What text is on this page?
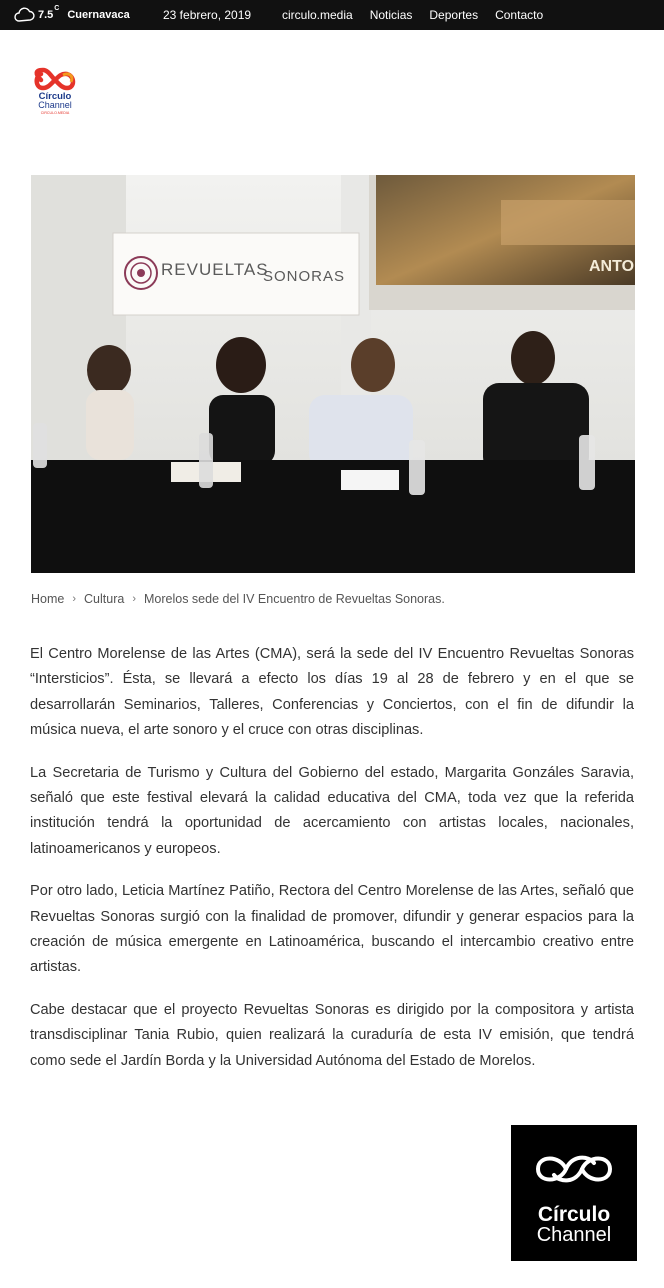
7.5
C
Cuernavaca	23 febrero, 2019	circulo.media Noticias Deportes Contacto
Círculo
Channel
CIRCULO.MEDIA
ANTO
REVUELTAS
SONORAS
Home › Cultura › Morelos sede del IV Encuentro de Revueltas Sonoras.

El Centro Morelense de las Artes (CMA), será la sede del IV Encuentro Revueltas Sonoras “Intersticios”. Ésta, se llevará a efecto los días 19 al 28 de febrero y en el que se desarrollarán Seminarios, Talleres, Conferencias y Conciertos, con el fin de difundir la música nueva, el arte sonoro y el cruce con otras disciplinas.

La Secretaria de Turismo y Cultura del Gobierno del estado, Margarita Gonzáles Saravia, señaló que este festival elevará la calidad educativa del CMA, toda vez que la referida institución tendrá la oportunidad de acercamiento con artistas locales, nacionales, latinoamericanos y europeos.

Por otro lado, Leticia Martínez Patiño, Rectora del Centro Morelense de las Artes, señaló que Revueltas Sonoras surgió con la finalidad de promover, difundir y generar espacios para la creación de música emergente en Latinoamérica, buscando el intercambio creativo entre artistas.

Cabe destacar que el proyecto Revueltas Sonoras es dirigido por la compositora y artista transdisciplinar Tania Rubio, quien realizará la curaduría de esta IV emisión, que tendrá como sede el Jardín Borda y la Universidad Autónoma del Estado de Morelos.

Círculo
Channel
